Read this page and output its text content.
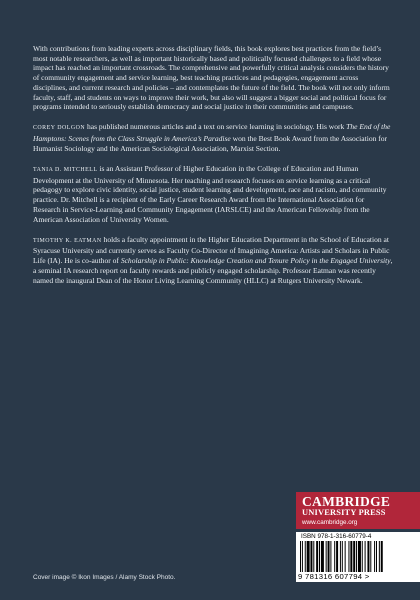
With contributions from leading experts across disciplinary fields, this book explores best practices from the field’s most notable researchers, as well as important historically based and politically focused challenges to a field whose impact has reached an important crossroads. The comprehensive and powerfully critical analysis considers the history of community engagement and service learning, best teaching practices and pedagogies, engagement across disciplines, and current research and policies – and contemplates the future of the field. The book will not only inform faculty, staff, and students on ways to improve their work, but also will suggest a bigger social and political focus for programs intended to seriously establish democracy and social justice in their communities and campuses.

COREY DOLGON has published numerous articles and a text on service learning in sociology. His work The End of the Hamptons: Scenes from the Class Struggle in America’s Paradise won the Best Book Award from the Association for Humanist Sociology and the American Sociological Association, Marxist Section.

TANIA D. MITCHELL is an Assistant Professor of Higher Education in the College of Education and Human Development at the University of Minnesota. Her teaching and research focuses on service learning as a critical pedagogy to explore civic identity, social justice, student learning and development, race and racism, and community practice. Dr. Mitchell is a recipient of the Early Career Research Award from the International Association for Research in Service-Learning and Community Engagement (IARSLCE) and the American Fellowship from the American Association of University Women.

TIMOTHY K. EATMAN holds a faculty appointment in the Higher Education Department in the School of Education at Syracuse University and currently serves as Faculty Co-Director of Imagining America: Artists and Scholars in Public Life (IA). He is co-author of Scholarship in Public: Knowledge Creation and Tenure Policy in the Engaged University, a seminal IA research report on faculty rewards and publicly engaged scholarship. Professor Eatman was recently named the inaugural Dean of the Honor Living Learning Community (HLLC) at Rutgers University Newark.

CAMBRIDGE
UNIVERSITY PRESS
www.cambridge.org
ISBN 978-1-316-60779-4
9 781316 607794 >
Cover image © Ikon Images / Alamy Stock Photo.
